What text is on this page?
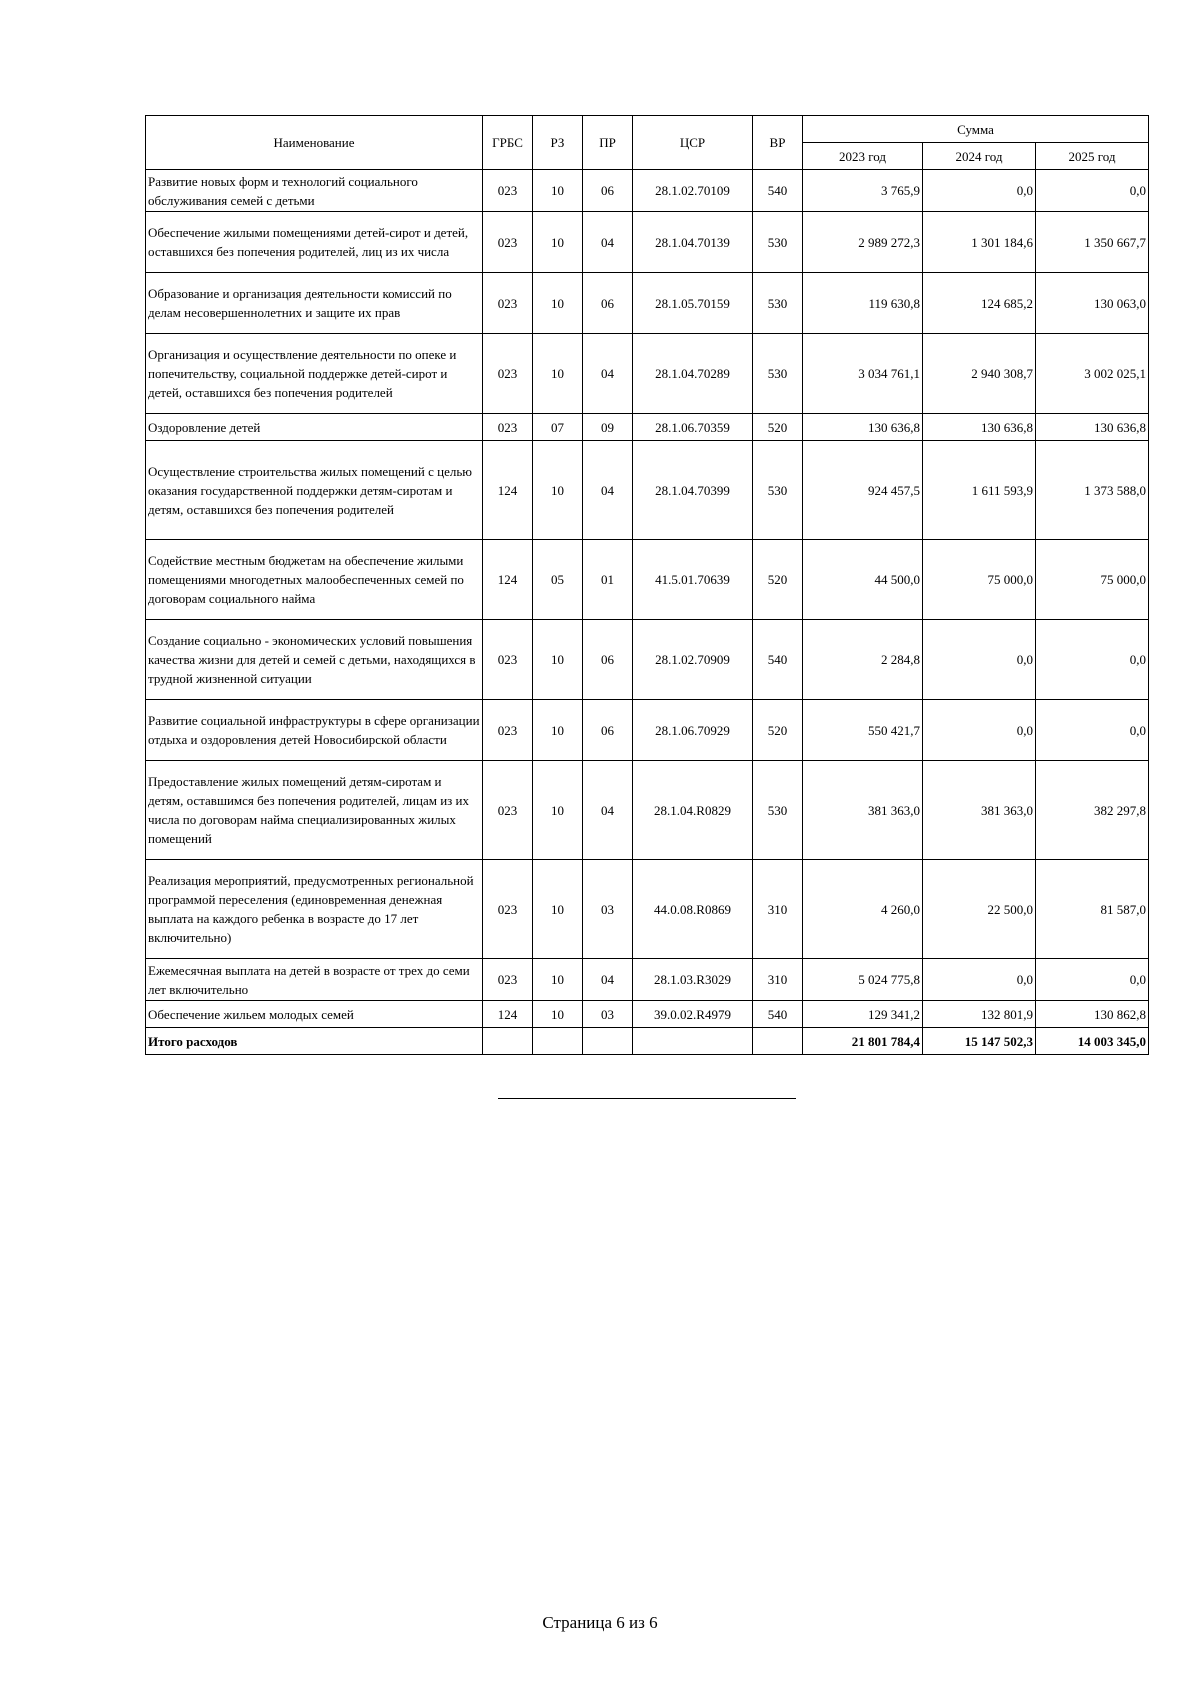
Наименование	ГРБС	РЗ	ПР	ЦСР	ВР	Сумма		
						2023 год	2024 год	2025 год
Развитие новых форм и технологий социального обслуживания семей с детьми	023	10	06	28.1.02.70109	540	3 765,9	0,0	0,0
Обеспечение жилыми помещениями детей-сирот и детей, оставшихся без попечения родителей, лиц из их числа	023	10	04	28.1.04.70139	530	2 989 272,3	1 301 184,6	1 350 667,7
Образование и организация деятельности комиссий по делам несовершеннолетних и защите их прав	023	10	06	28.1.05.70159	530	119 630,8	124 685,2	130 063,0
Организация и осуществление деятельности по опеке и попечительству, социальной поддержке детей-сирот и детей, оставшихся без попечения родителей	023	10	04	28.1.04.70289	530	3 034 761,1	2 940 308,7	3 002 025,1
Оздоровление детей	023	07	09	28.1.06.70359	520	130 636,8	130 636,8	130 636,8
Осуществление строительства жилых помещений с целью оказания государственной поддержки детям-сиротам и детям, оставшихся без попечения родителей	124	10	04	28.1.04.70399	530	924 457,5	1 611 593,9	1 373 588,0
Содействие местным бюджетам на обеспечение жилыми помещениями многодетных малообеспеченных семей по договорам социального найма	124	05	01	41.5.01.70639	520	44 500,0	75 000,0	75 000,0
Создание социально - экономических условий повышения качества жизни для детей и семей с детьми, находящихся в трудной жизненной ситуации	023	10	06	28.1.02.70909	540	2 284,8	0,0	0,0
Развитие социальной инфраструктуры в сфере организации отдыха и оздоровления детей Новосибирской области	023	10	06	28.1.06.70929	520	550 421,7	0,0	0,0
Предоставление жилых помещений детям-сиротам и детям, оставшимся без попечения родителей, лицам из их числа по договорам найма специализированных жилых помещений	023	10	04	28.1.04.R0829	530	381 363,0	381 363,0	382 297,8
Реализация мероприятий, предусмотренных региональной программой переселения (единовременная денежная выплата на каждого ребенка в возрасте до 17 лет включительно)	023	10	03	44.0.08.R0869	310	4 260,0	22 500,0	81 587,0
Ежемесячная выплата на детей в возрасте от трех до семи лет включительно	023	10	04	28.1.03.R3029	310	5 024 775,8	0,0	0,0
Обеспечение жильем молодых семей	124	10	03	39.0.02.R4979	540	129 341,2	132 801,9	130 862,8
Итого расходов						21 801 784,4	15 147 502,3	14 003 345,0
Страница 6 из 6
